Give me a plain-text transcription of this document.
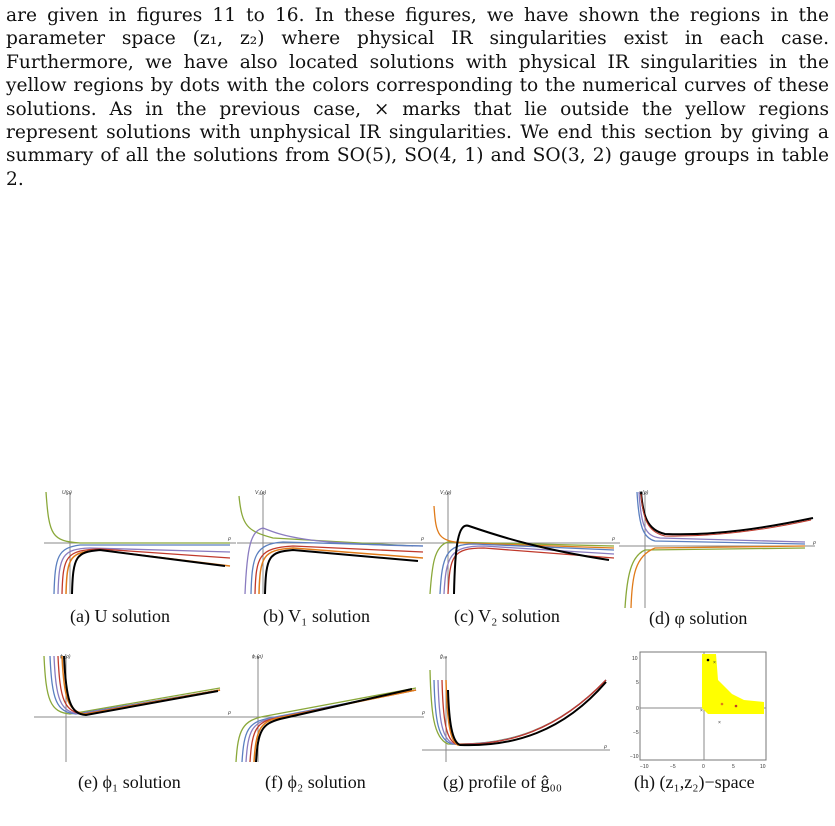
are given in figures 11 to 16. In these figures, we have shown the regions in the parameter space (z₁, z₂) where physical IR singularities exist in each case. Furthermore, we have also located solutions with physical IR singularities in the yellow regions by dots with the colors corresponding to the numerical curves of these solutions. As in the previous case, × marks that lie outside the yellow regions represent solutions with unphysical IR singularities. We end this section by giving a summary of all the solutions from SO(5), SO(4, 1) and SO(3, 2) gauge groups in table 2.
U(ρ)
ρ
(a) U solution
V₁(ρ)
ρ
(b) V₁ solution
V₂(ρ)
ρ
(c) V₂ solution
φ(ρ)
ρ
(d) φ solution
ϕ₁(ρ)
ρ
(e) ϕ₁ solution
ϕ₂(ρ)
ρ
(f) ϕ₂ solution
ĝ₀₀
ρ
(g) profile of ĝ₀₀
×
×
×
10
5
0
−5
−10
−10	−5	0	5	10
(h) (z₁,z₂)−space
